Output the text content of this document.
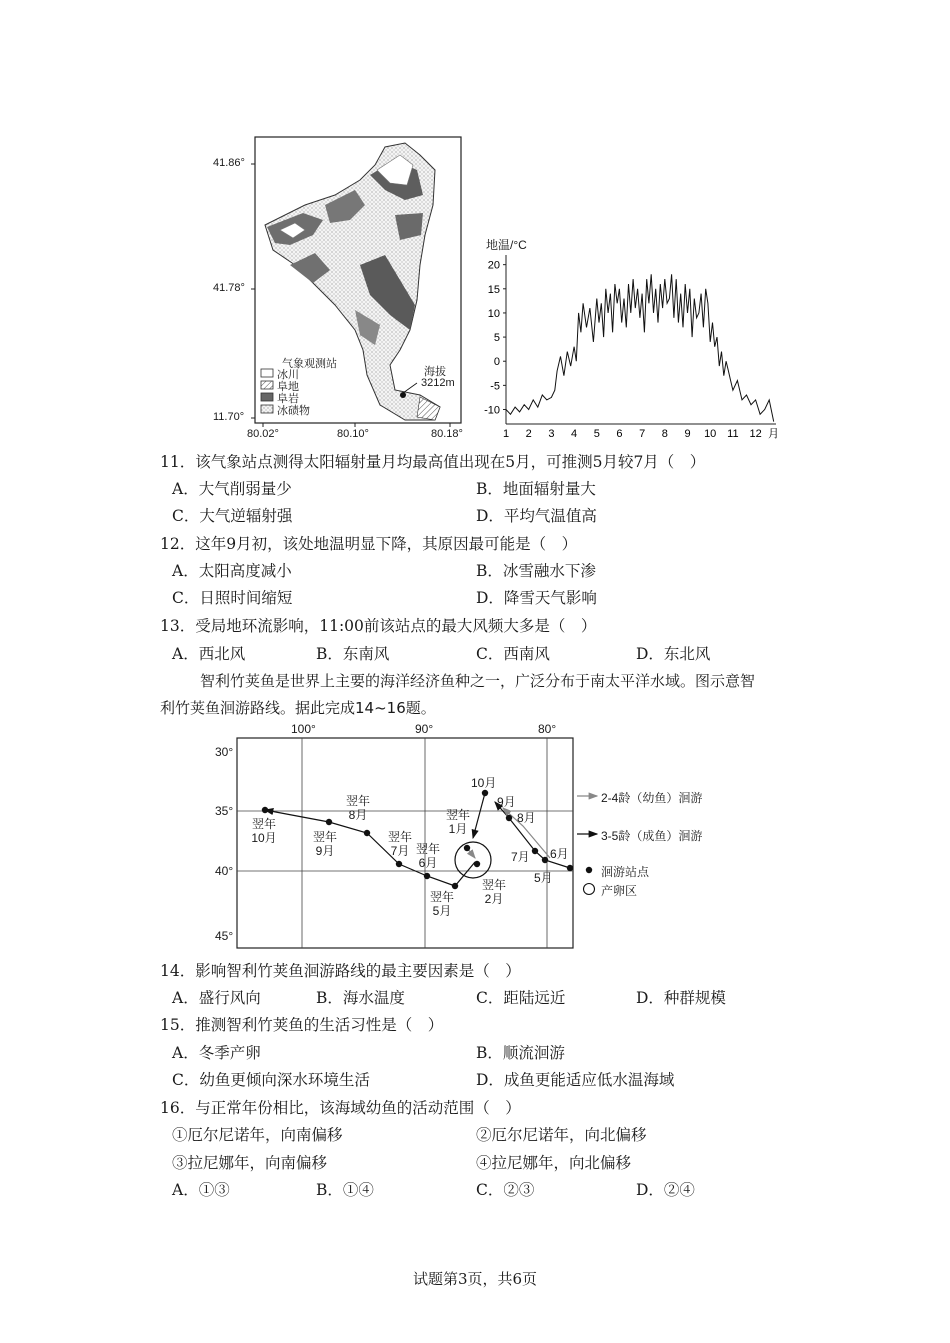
41.86°
41.78°
11.70°
80.02°	80.10°	80.18°
气象观测站
冰川
阜地
阜岩
冰碛物
海拔
3212m
地温/°C
20
15
10
5
0
-5
-10
1 2 3 4 5 6 7 8 9 10 11 12 月
11．该气象站点测得太阳辐射量月均最高值出现在5月，可推测5月较7月（　）
A．大气削弱量少	B．地面辐射量大
C．大气逆辐射强	D．平均气温值高
12．这年9月初，该处地温明显下降，其原因最可能是（　）
A．太阳高度减小	B．冰雪融水下渗
C．日照时间缩短	D．降雪天气影响
13．受局地环流影响，11:00前该站点的最大风频大多是（　）
A．西北风	B．东南风	C．西南风	D．东北风
智利竹荚鱼是世界上主要的海洋经济鱼种之一，广泛分布于南太平洋水域。图示意智
利竹荚鱼洄游路线。据此完成14~16题。
100°	90°	80°
30°
35°
40°
45°
翌年10月
翌年8月
翌年9月
翌年7月 翌年6月
翌年5月
翌年2月
翌年1月
10月
9月
8月
7月 6月
5月
2-4龄（幼鱼）洄游
3-5龄（成鱼）洄游
洄游站点
产卵区
14．影响智利竹荚鱼洄游路线的最主要因素是（　）
A．盛行风向	B．海水温度	C．距陆远近	D．种群规模
15．推测智利竹荚鱼的生活习性是（　）
A．冬季产卵	B．顺流洄游
C．幼鱼更倾向深水环境生活	D．成鱼更能适应低水温海域
16．与正常年份相比，该海域幼鱼的活动范围（　）
①厄尔尼诺年，向南偏移	②厄尔尼诺年，向北偏移
③拉尼娜年，向南偏移	④拉尼娜年，向北偏移
A．①③	B．①④	C．②③	D．②④
试题第3页，共6页
